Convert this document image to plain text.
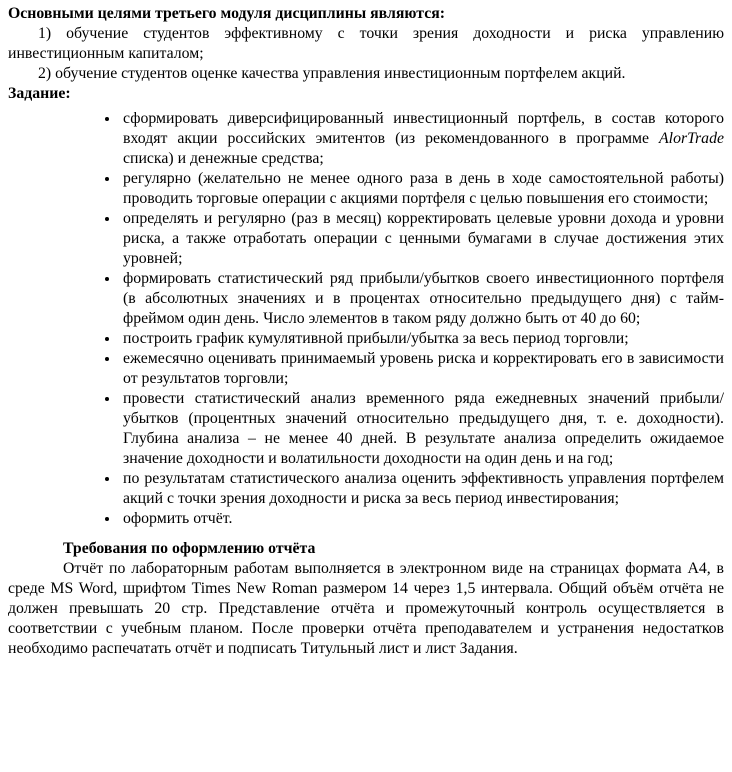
Основными целями третьего модуля дисциплины являются:

1) обучение студентов эффективному с точки зрения доходности и риска управлению инвестиционным капиталом;

2) обучение студентов оценке качества управления инвестиционным портфелем акций.

Задание:

• сформировать диверсифицированный инвестиционный портфель, в состав которого входят акции российских эмитентов (из рекомендованного в программе AlorTrade списка) и денежные средства;
• регулярно (желательно не менее одного раза в день в ходе самостоятельной работы) проводить торговые операции с акциями портфеля с целью повышения его стоимости;
• определять и регулярно (раз в месяц) корректировать целевые уровни дохода и уровни риска, а также отработать операции с ценными бумагами в случае достижения этих уровней;
• формировать статистический ряд прибыли/убытков своего инвестиционного портфеля (в абсолютных значениях и в процентах относительно предыдущего дня) с тайм-фреймом один день. Число элементов в таком ряду должно быть от 40 до 60;
• построить график кумулятивной прибыли/убытка за весь период торговли;
• ежемесячно оценивать принимаемый уровень риска и корректировать его в зависимости от результатов торговли;
• провести статистический анализ временного ряда ежедневных значений прибыли/убытков (процентных значений относительно предыдущего дня, т. е. доходности). Глубина анализа – не менее 40 дней. В результате анализа определить ожидаемое значение доходности и волатильности доходности на один день и на год;
• по результатам статистического анализа оценить эффективность управления портфелем акций с точки зрения доходности и риска за весь период инвестирования;
• оформить отчёт.

Требования по оформлению отчёта

Отчёт по лабораторным работам выполняется в электронном виде на страницах формата А4, в среде MS Word, шрифтом Times New Roman размером 14 через 1,5 интервала. Общий объём отчёта не должен превышать 20 стр. Представление отчёта и промежуточный контроль осуществляется в соответствии с учебным планом. После проверки отчёта преподавателем и устранения недостатков необходимо распечатать отчёт и подписать Титульный лист и лист Задания.
